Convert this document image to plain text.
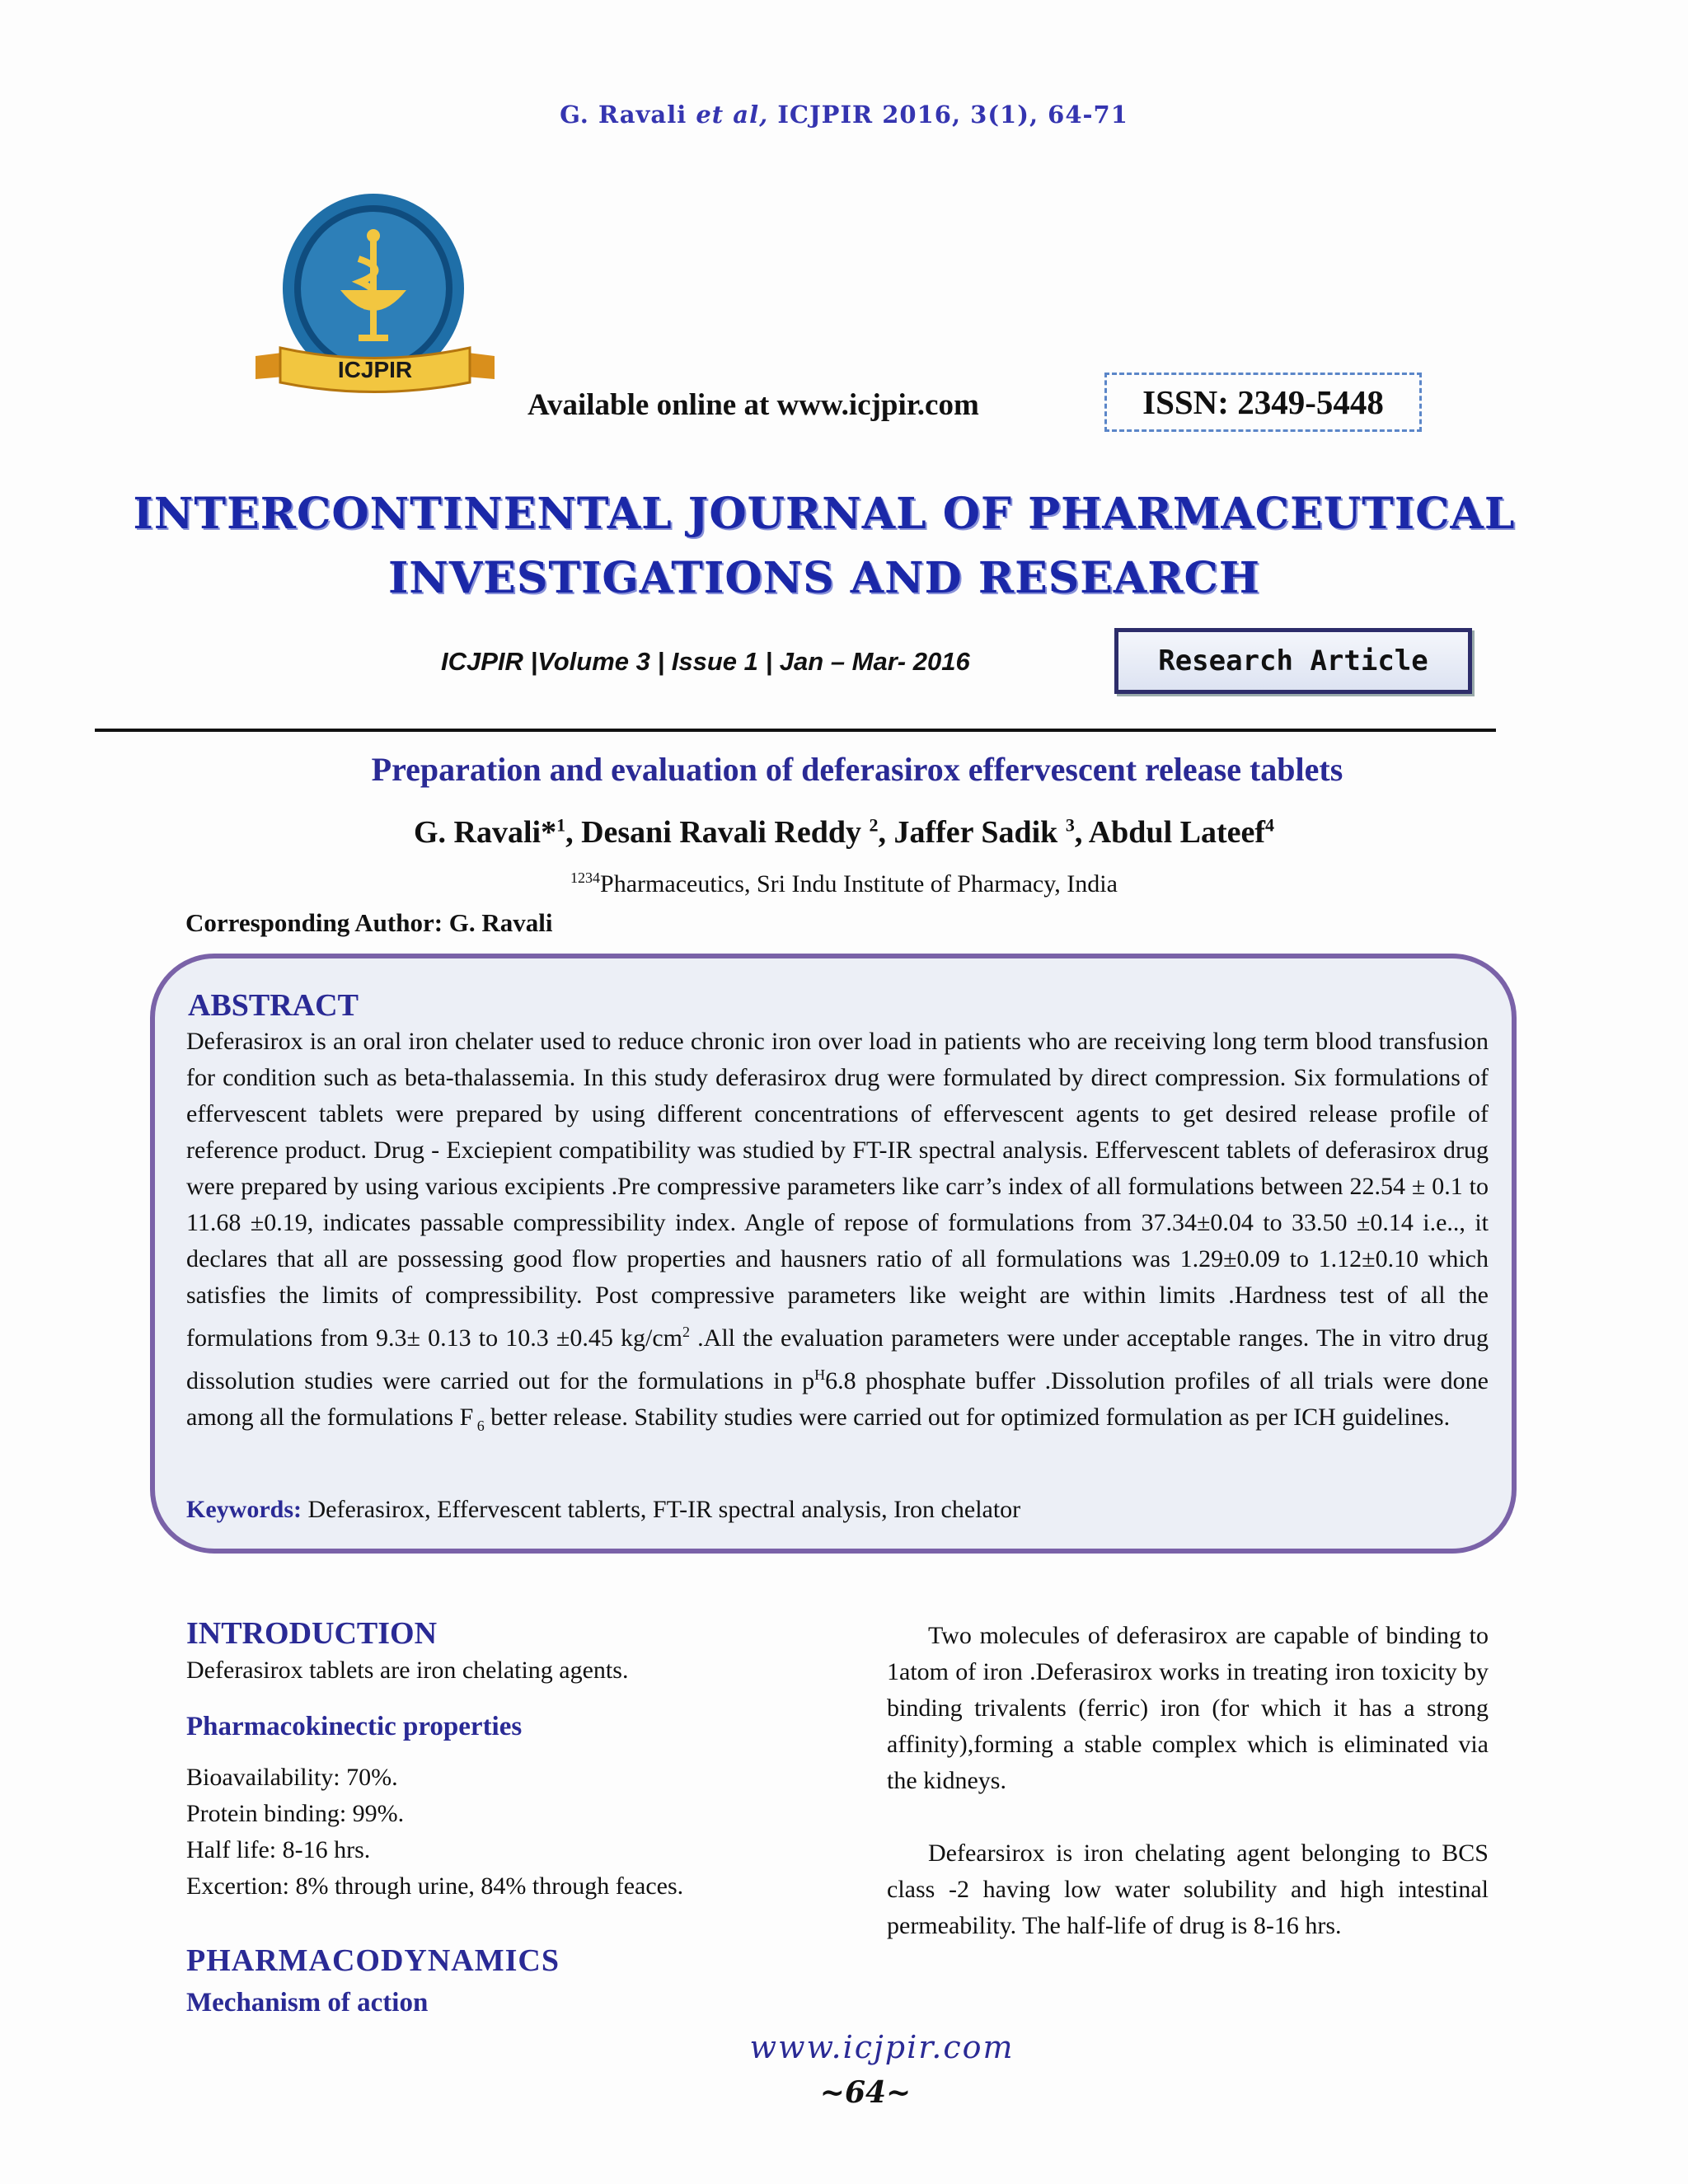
G. Ravali et al, ICJPIR 2016, 3(1), 64-71
ICJPIR
Available online at www.icjpir.com	ISSN: 2349-5448
INTERCONTINENTAL JOURNAL OF PHARMACEUTICAL
INVESTIGATIONS AND RESEARCH
ICJPIR |Volume 3 | Issue 1 | Jan – Mar- 2016	Research Article
Preparation and evaluation of deferasirox effervescent release tablets
G. Ravali*$^1$, Desani Ravali Reddy $^2$, Jaffer Sadik $^3$, Abdul Lateef$^4$
$^{1234}$Pharmaceutics, Sri Indu Institute of Pharmacy, India
Corresponding Author: G. Ravali
ABSTRACT
Deferasirox is an oral iron chelater used to reduce chronic iron over load in patients who are receiving long term blood transfusion for condition such as beta-thalassemia. In this study deferasirox drug were formulated by direct compression. Six formulations of effervescent tablets were prepared by using different concentrations of effervescent agents to get desired release profile of reference product. Drug - Exciepient compatibility was studied by FT-IR spectral analysis. Effervescent tablets of deferasirox drug were prepared by using various excipients .Pre compressive parameters like carr’s index of all formulations between 22.54 ± 0.1 to 11.68 ±0.19, indicates passable compressibility index. Angle of repose of formulations from 37.34±0.04 to 33.50 ±0.14 i.e.., it declares that all are possessing good flow properties and hausners ratio of all formulations was 1.29±0.09 to 1.12±0.10 which satisfies the limits of compressibility. Post compressive parameters like weight are within limits .Hardness test of all the formulations from 9.3± 0.13 to 10.3 ±0.45 $kg/cm^2$ .All the evaluation parameters were under acceptable ranges. The in vitro drug dissolution studies were carried out for the formulations in $p^H6.8$ phosphate buffer .Dissolution profiles of all trials were done among all the formulations F $_6$ better release. Stability studies were carried out for optimized formulation as per ICH guidelines.
Keywords: Deferasirox, Effervescent tablerts, FT-IR spectral analysis, Iron chelator
INTRODUCTION
Deferasirox tablets are iron chelating agents.
Pharmacokinectic properties
Bioavailability: 70%.
Protein binding: 99%.
Half life: 8-16 hrs.
Excertion: 8% through urine, 84% through feaces.
PHARMACODYNAMICS
Mechanism of action

Two molecules of deferasirox are capable of binding to 1atom of iron .Deferasirox works in treating iron toxicity by binding trivalents (ferric) iron (for which it has a strong affinity),forming a stable complex which is eliminated via the kidneys.

Defearsirox is iron chelating agent belonging to BCS class -2 having low water solubility and high intestinal permeability. The half-life of drug is 8-16 hrs.

www.icjpir.com
~64~
